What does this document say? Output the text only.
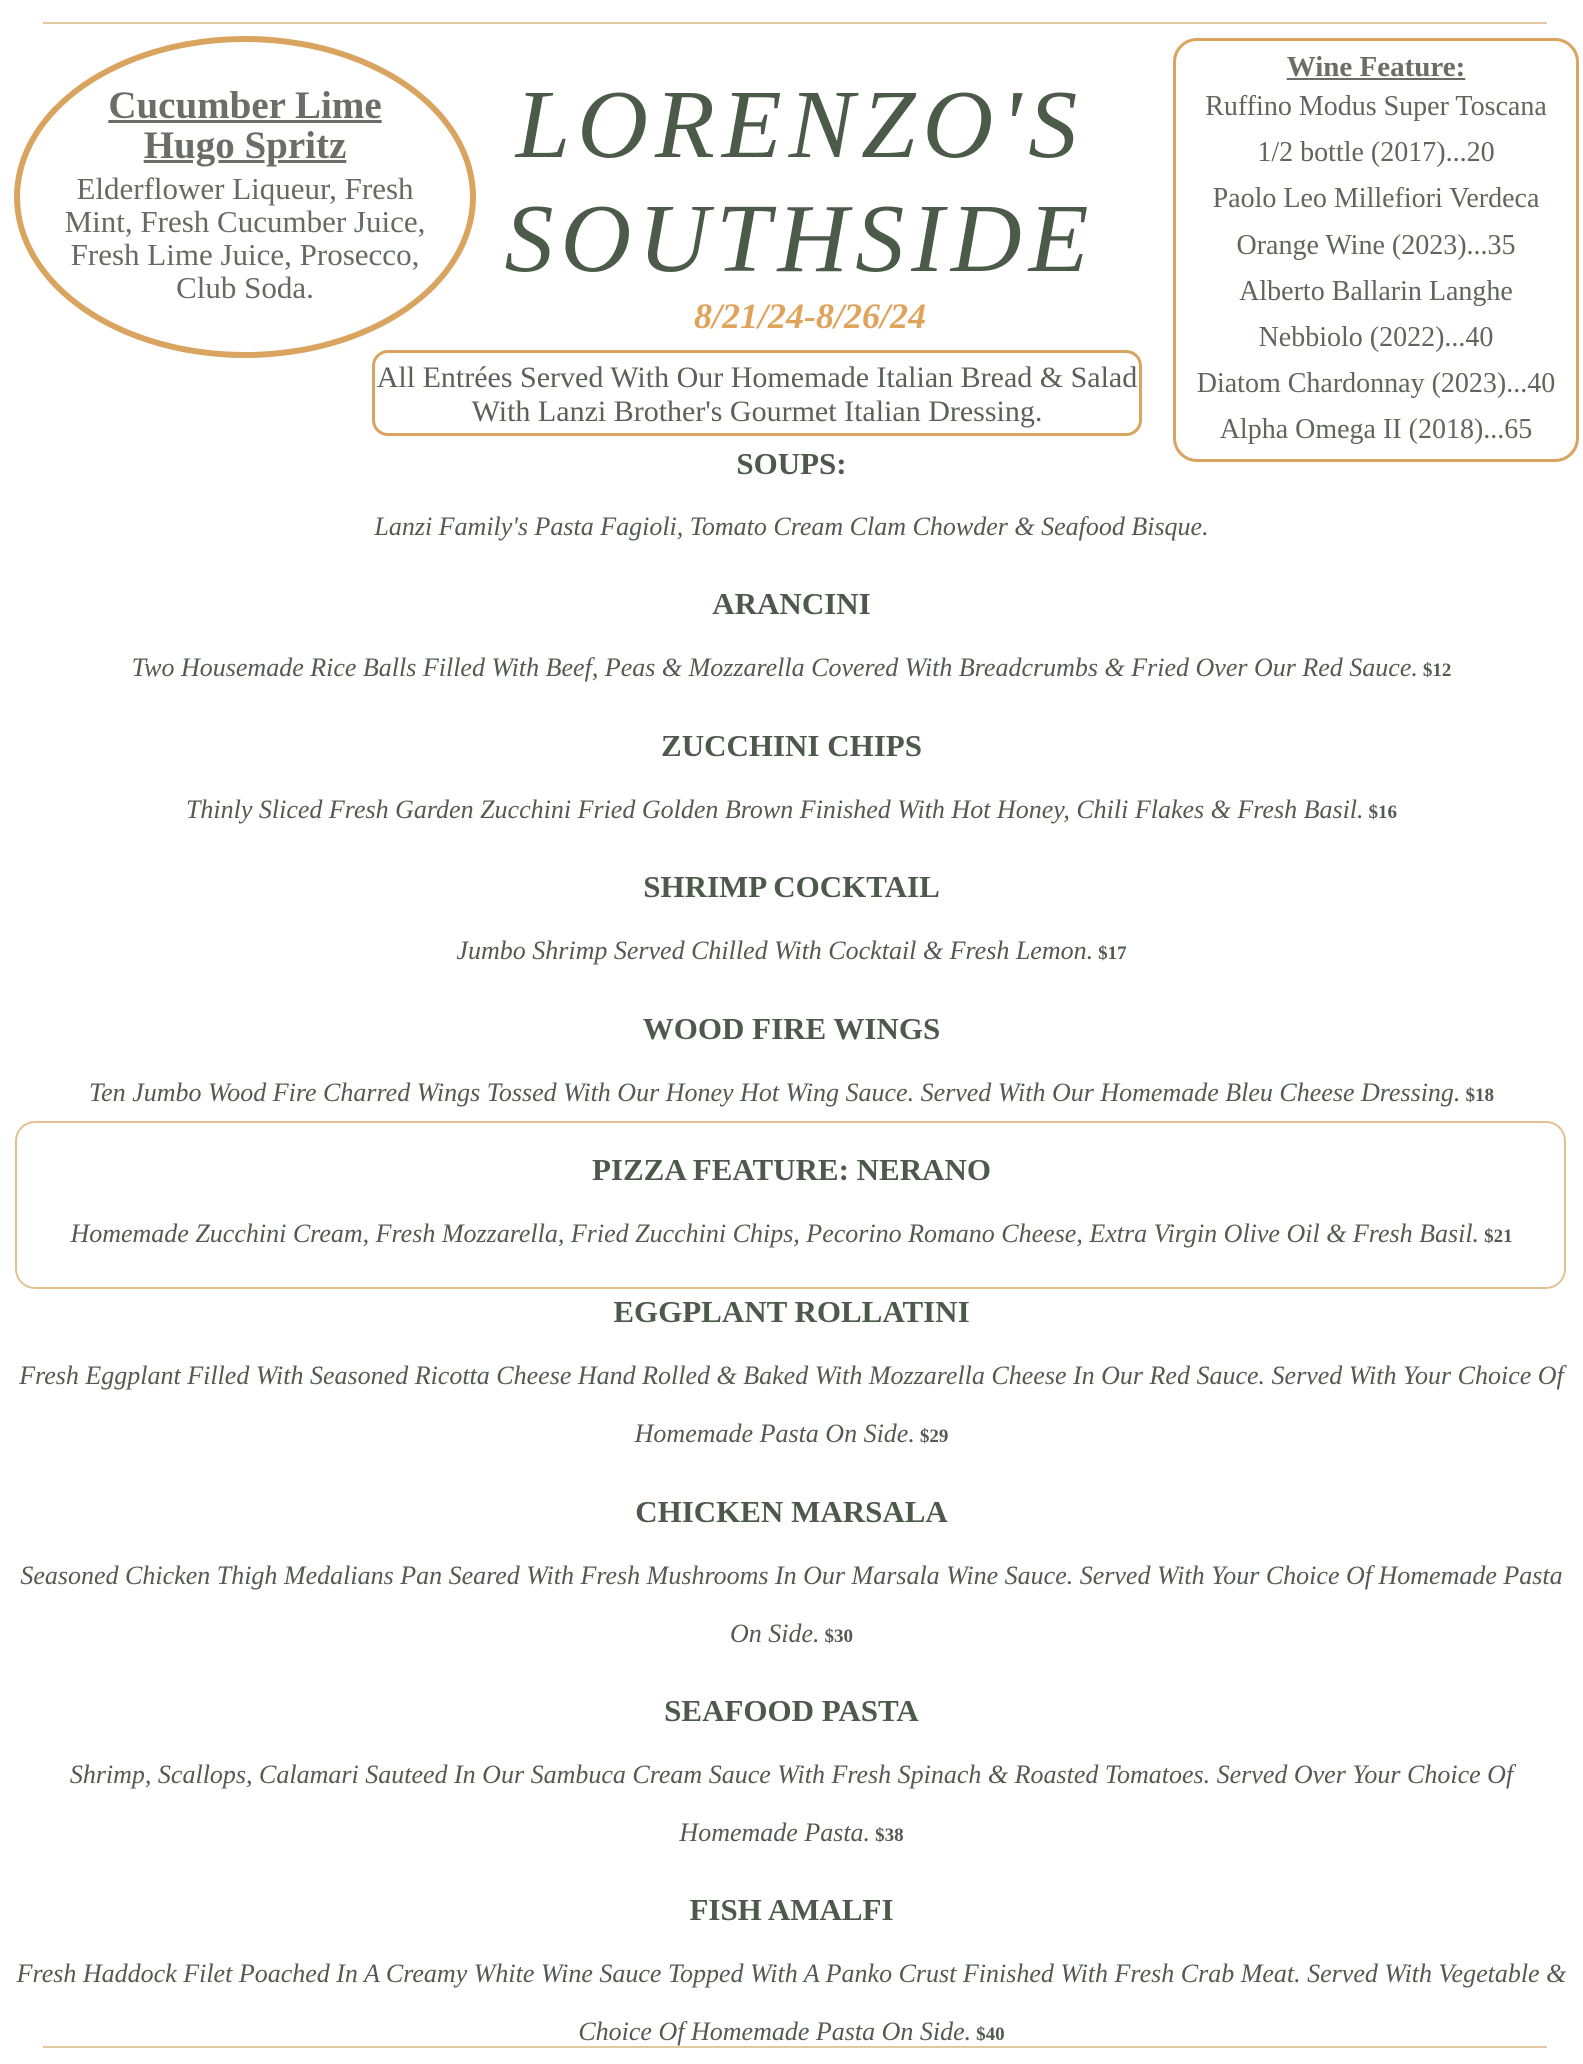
Cucumber Lime
Hugo Spritz
Elderflower Liqueur, Fresh Mint, Fresh Cucumber Juice, Fresh Lime Juice, Prosecco, Club Soda.
LORENZO'S
SOUTHSIDE
8/21/24-8/26/24
All Entrées Served With Our Homemade Italian Bread & Salad With Lanzi Brother's Gourmet Italian Dressing.
Wine Feature:
Ruffino Modus Super Toscana
1/2 bottle (2017)...20
Paolo Leo Millefiori Verdeca
Orange Wine (2023)...35
Alberto Ballarin Langhe
Nebbiolo (2022)...40
Diatom Chardonnay (2023)...40
Alpha Omega II (2018)...65
SOUPS:
Lanzi Family's Pasta Fagioli, Tomato Cream Clam Chowder & Seafood Bisque.
ARANCINI
Two Housemade Rice Balls Filled With Beef, Peas & Mozzarella Covered With Breadcrumbs & Fried Over Our Red Sauce. $12
ZUCCHINI CHIPS
Thinly Sliced Fresh Garden Zucchini Fried Golden Brown Finished With Hot Honey, Chili Flakes & Fresh Basil. $16
SHRIMP COCKTAIL
Jumbo Shrimp Served Chilled With Cocktail & Fresh Lemon. $17
WOOD FIRE WINGS
Ten Jumbo Wood Fire Charred Wings Tossed With Our Honey Hot Wing Sauce. Served With Our Homemade Bleu Cheese Dressing. $18
PIZZA FEATURE: NERANO
Homemade Zucchini Cream, Fresh Mozzarella, Fried Zucchini Chips, Pecorino Romano Cheese, Extra Virgin Olive Oil & Fresh Basil. $21
EGGPLANT ROLLATINI
Fresh Eggplant Filled With Seasoned Ricotta Cheese Hand Rolled & Baked With Mozzarella Cheese In Our Red Sauce. Served With Your Choice Of Homemade Pasta On Side. $29
CHICKEN MARSALA
Seasoned Chicken Thigh Medalians Pan Seared With Fresh Mushrooms In Our Marsala Wine Sauce. Served With Your Choice Of Homemade Pasta On Side. $30
SEAFOOD PASTA
Shrimp, Scallops, Calamari Sauteed In Our Sambuca Cream Sauce With Fresh Spinach & Roasted Tomatoes. Served Over Your Choice Of Homemade Pasta. $38
FISH AMALFI
Fresh Haddock Filet Poached In A Creamy White Wine Sauce Topped With A Panko Crust Finished With Fresh Crab Meat. Served With Vegetable & Choice Of Homemade Pasta On Side. $40
